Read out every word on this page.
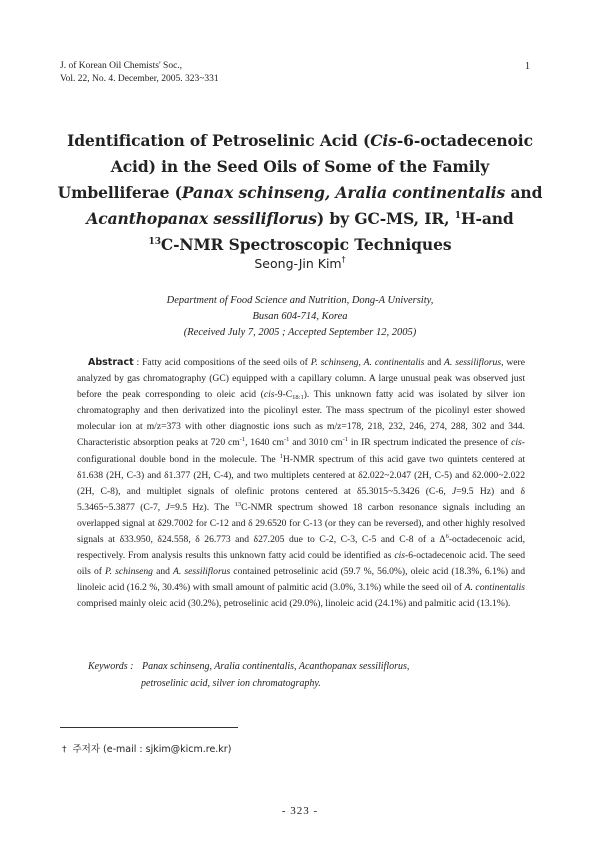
J. of Korean Oil Chemists' Soc.,
Vol. 22, No. 4. December, 2005. 323~331
1
Identification of Petroselinic Acid (Cis-6-octadecenoic
Acid) in the Seed Oils of Some of the Family
Umbelliferae (Panax schinseng, Aralia continentalis and
Acanthopanax sessiliflorus) by GC-MS, IR, $^1$H-and
$^{13}$C-NMR Spectroscopic Techniques
Seong-Jin Kim†
Department of Food Science and Nutrition, Dong-A University,
Busan 604-714, Korea
(Received July 7, 2005 ; Accepted September 12, 2005)
Abstract : Fatty acid compositions of the seed oils of P. schinseng, A. continentalis and A. sessiliflorus, were analyzed by gas chromatography (GC) equipped with a capillary column. A large unusual peak was observed just before the peak corresponding to oleic acid $(cis-9-C_{18:1})$. This unknown fatty acid was isolated by silver ion chromatography and then derivatized into the picolinyl ester. The mass spectrum of the picolinyl ester showed molecular ion at m/z=373 with other diagnostic ions such as m/z=178, 218, 232, 246, 274, 288, 302 and 344. Characteristic absorption peaks at 720 $cm^{-1}$, 1640 $cm^{-1}$ and 3010 $cm^{-1}$ in IR spectrum indicated the presence of cis-configurational double bond in the molecule. The $^1$H-NMR spectrum of this acid gave two quintets centered at δ1.638 (2H, C-3) and δ1.377 (2H, C-4), and two multiplets centered at δ2.022~2.047 (2H, C-5) and δ2.000~2.022 (2H, C-8), and multiplet signals of olefinic protons centered at δ5.3015~5.3426 (C-6, J=9.5 Hz) and δ 5.3465~5.3877 (C-7, J=9.5 Hz). The $^{13}$C-NMR spectrum showed 18 carbon resonance signals including an overlapped signal at δ29.7002 for C-12 and δ 29.6520 for C-13 (or they can be reversed), and other highly resolved signals at δ33.950, δ24.558, δ 26.773 and δ27.205 due to C-2, C-3, C-5 and C-8 of a $\Delta^6$-octadecenoic acid, respectively. From analysis results this unknown fatty acid could be identified as cis-6-octadecenoic acid. The seed oils of P. schinseng and A. sessiliflorus contained petroselinic acid (59.7 %, 56.0%), oleic acid (18.3%, 6.1%) and linoleic acid (16.2 %, 30.4%) with small amount of palmitic acid (3.0%, 3.1%) while the seed oil of A. continentalis comprised mainly oleic acid (30.2%), petroselinic acid (29.0%), linoleic acid (24.1%) and palmitic acid (13.1%).
Keywords : Panax schinseng, Aralia continentalis, Acanthopanax sessiliflorus,
petroselinic acid, silver ion chromatography.
† 주저자 (e-mail : sjkim@kicm.re.kr)
- 323 -
